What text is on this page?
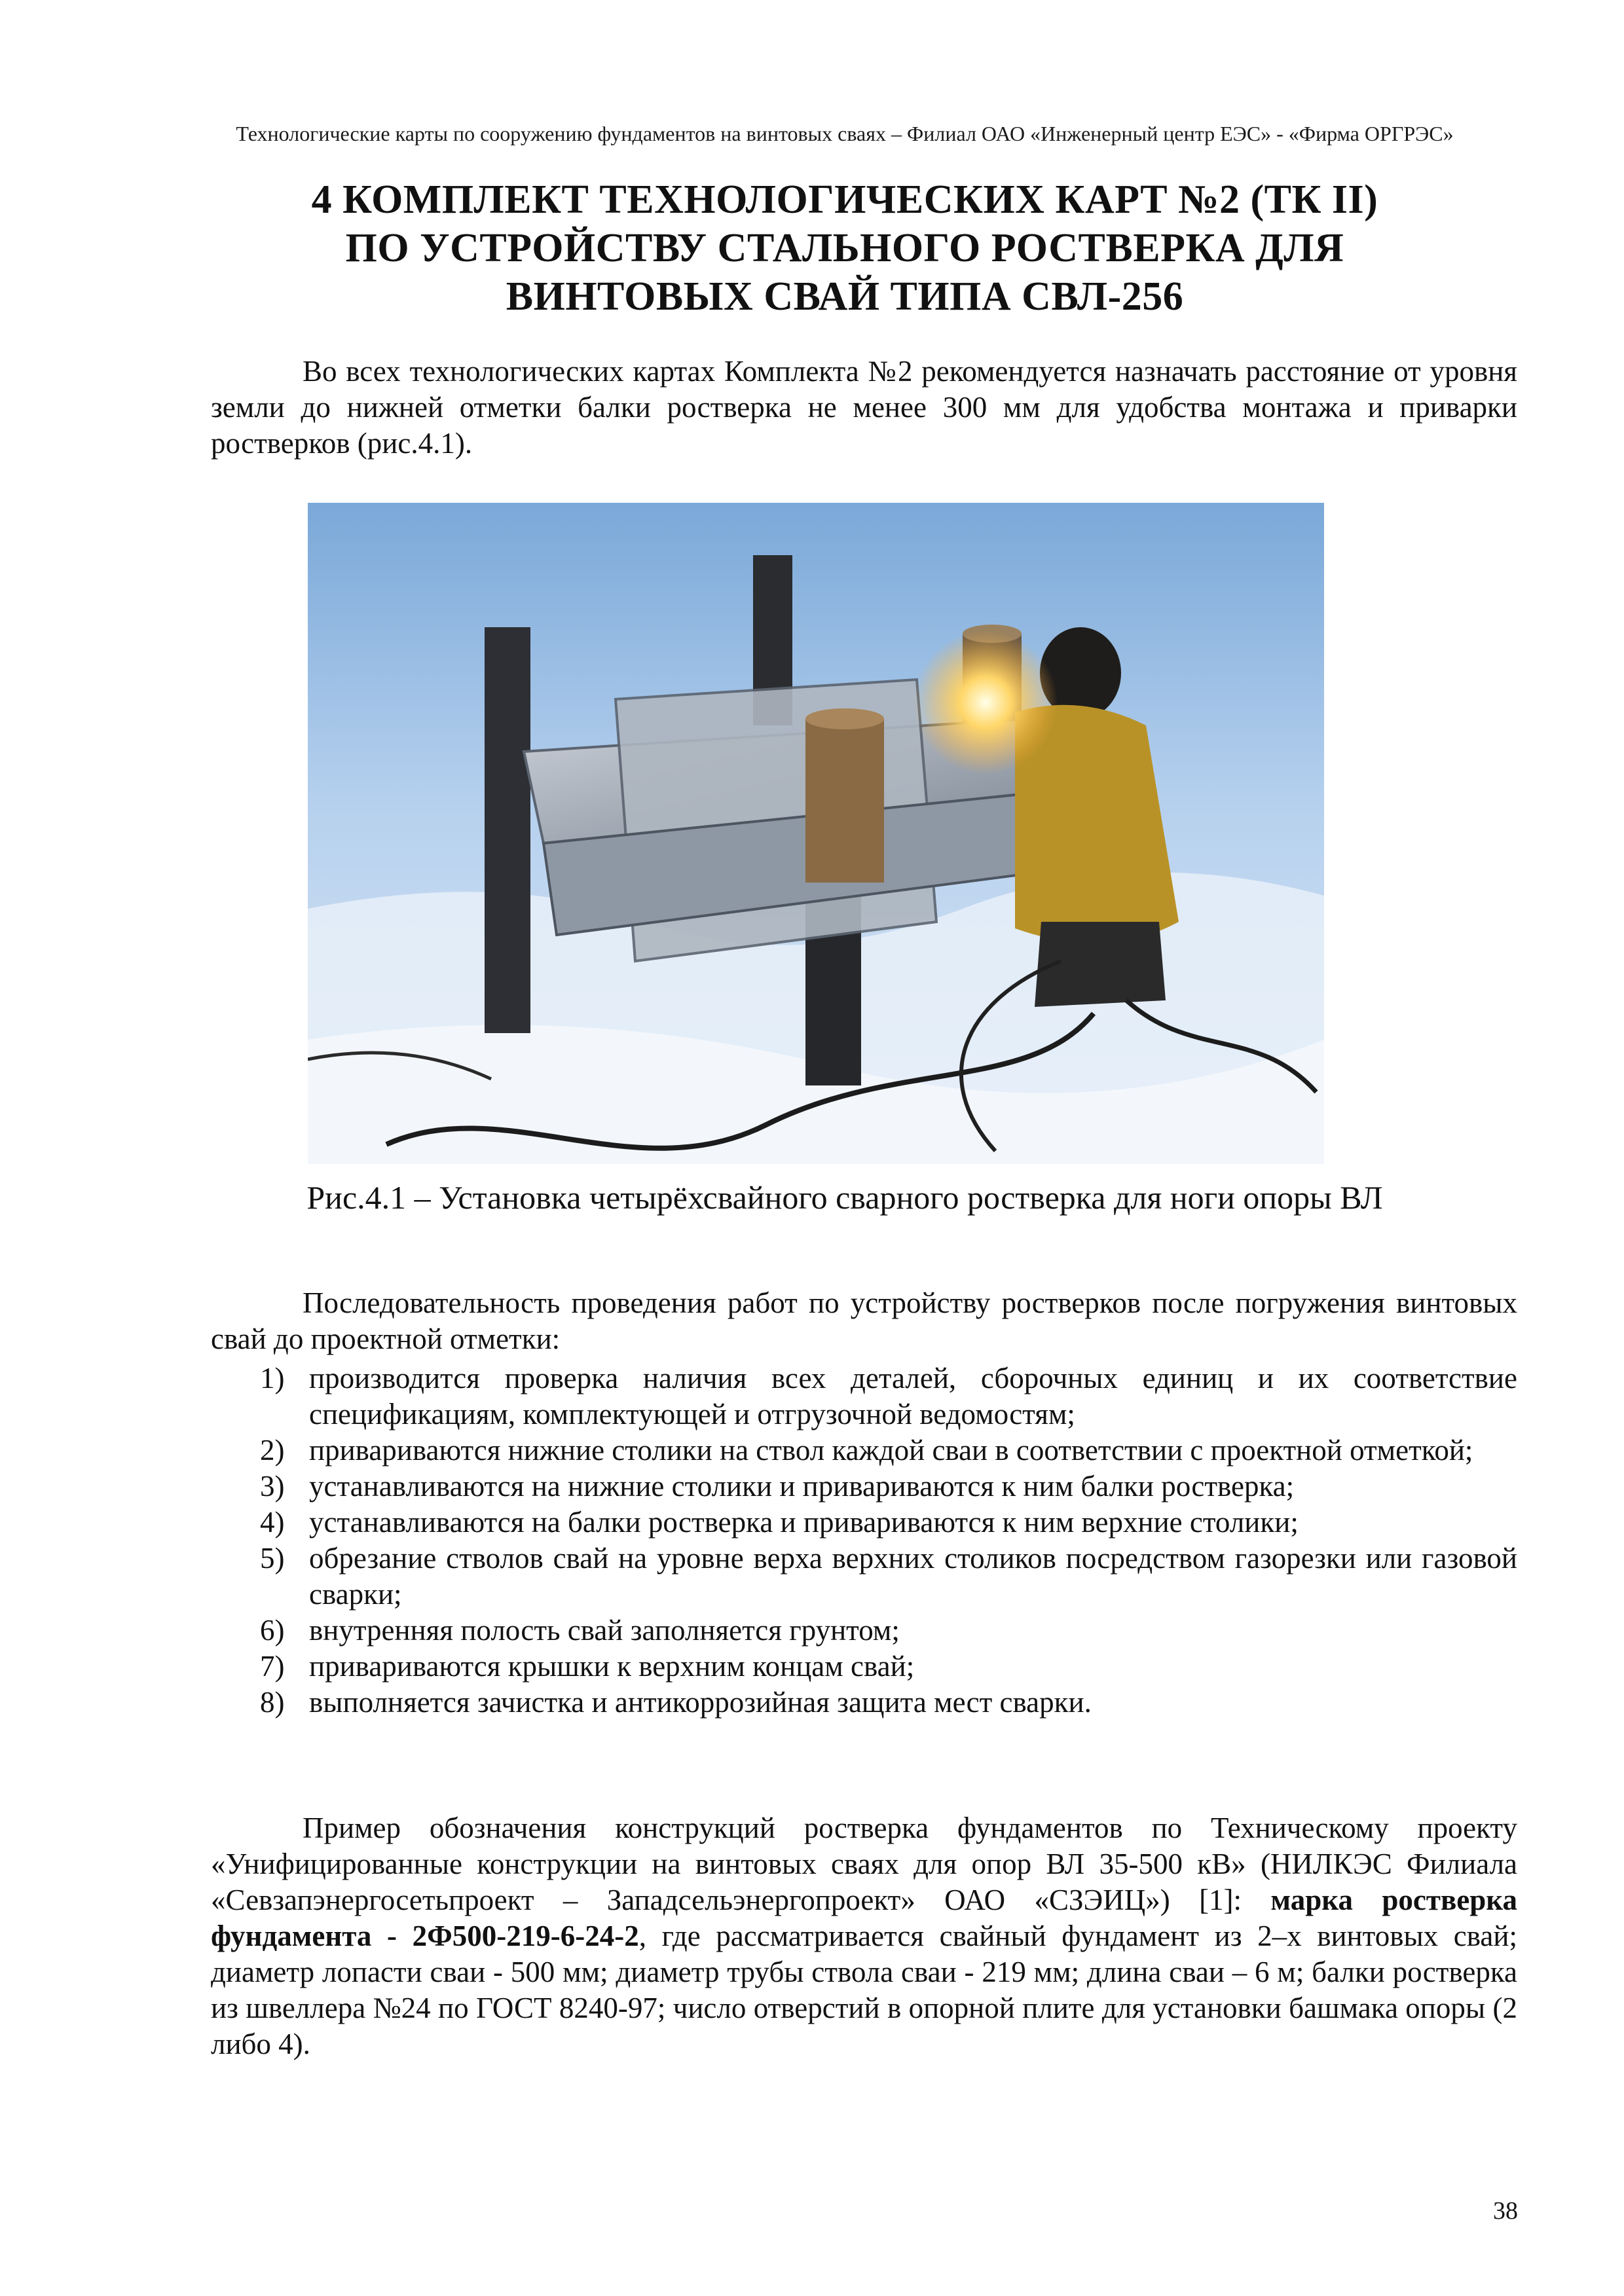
Технологические карты по сооружению фундаментов на винтовых сваях – Филиал ОАО «Инженерный центр ЕЭС» - «Фирма ОРГРЭС»
4 КОМПЛЕКТ ТЕХНОЛОГИЧЕСКИХ КАРТ №2 (ТК II)
ПО УСТРОЙСТВУ СТАЛЬНОГО РОСТВЕРКА ДЛЯ
ВИНТОВЫХ СВАЙ ТИПА СВЛ-256

Во всех технологических картах Комплекта №2 рекомендуется назначать расстояние от уровня земли до нижней отметки балки ростверка не менее 300 мм для удобства монтажа и приварки ростверков (рис.4.1).

Рис.4.1 – Установка четырёхсвайного сварного ростверка для ноги опоры ВЛ

Последовательность проведения работ по устройству ростверков после погружения винтовых свай до проектной отметки:

1) производится проверка наличия всех деталей, сборочных единиц и их соответствие спецификациям, комплектующей и отгрузочной ведомостям;
2) привариваются нижние столики на ствол каждой сваи в соответствии с проектной отметкой;
3) устанавливаются на нижние столики и привариваются к ним балки ростверка;
4) устанавливаются на балки ростверка и привариваются к ним верхние столики;
5) обрезание стволов свай на уровне верха верхних столиков посредством газорезки или газовой сварки;
6) внутренняя полость свай заполняется грунтом;
7) привариваются крышки к верхним концам свай;
8) выполняется зачистка и антикоррозийная защита мест сварки.

Пример обозначения конструкций ростверка фундаментов по Техническому проекту «Унифицированные конструкции на винтовых сваях для опор ВЛ 35-500 кВ» (НИЛКЭС Филиала «Севзапэнергосетьпроект – Западсельэнергопроект» ОАО «СЗЭИЦ») [1]: марка ростверка фундамента - 2Ф500-219-6-24-2, где рассматривается свайный фундамент из 2–х винтовых свай; диаметр лопасти сваи - 500 мм; диаметр трубы ствола сваи - 219 мм; длина сваи – 6 м; балки ростверка из швеллера №24 по ГОСТ 8240-97; число отверстий в опорной плите для установки башмака опоры (2 либо 4).

38
